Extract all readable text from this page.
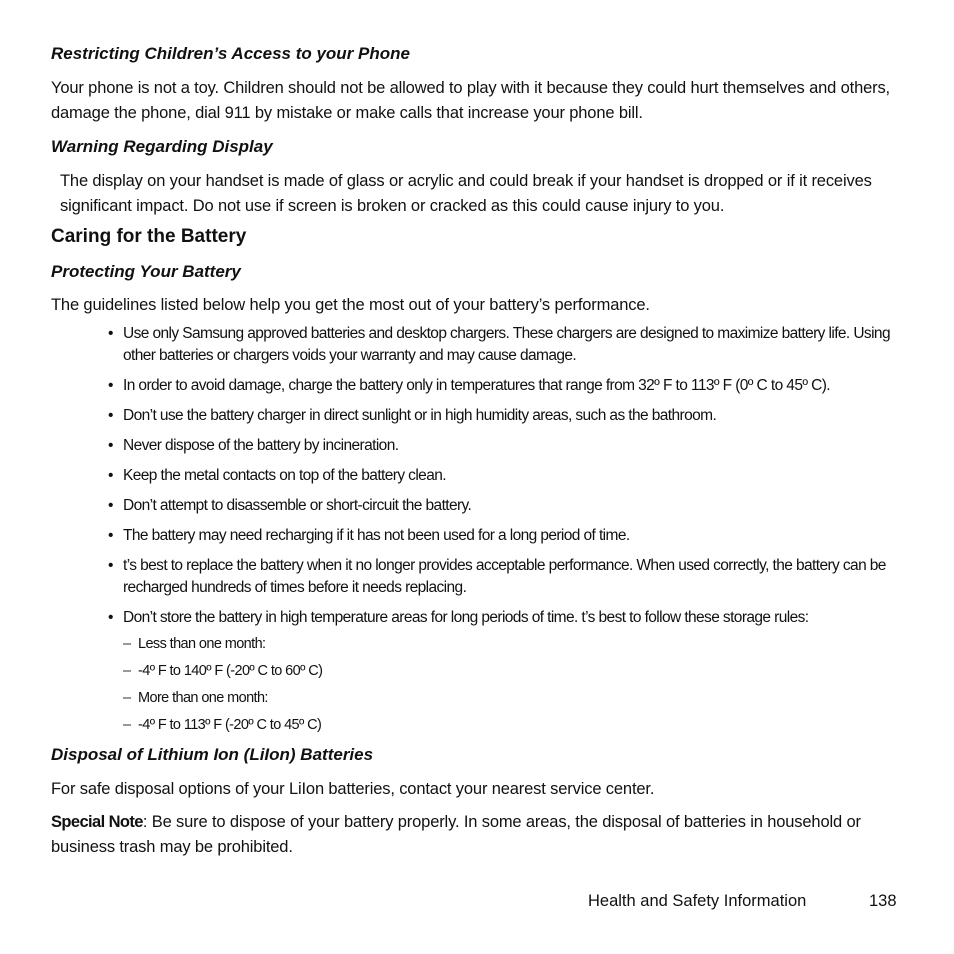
Restricting Children’s Access to your Phone

Your phone is not a toy. Children should not be allowed to play with it because they could hurt themselves and others, damage the phone, dial 911 by mistake or make calls that increase your phone bill.

Warning Regarding Display

The display on your handset is made of glass or acrylic and could break if your handset is dropped or if it receives significant impact. Do not use if screen is broken or cracked as this could cause injury to you.

Caring for the Battery
Protecting Your Battery

The guidelines listed below help you get the most out of your battery’s performance.

• Use only Samsung approved batteries and desktop chargers. These chargers are designed to maximize battery life. Using other batteries or chargers voids your warranty and may cause damage.
• In order to avoid damage, charge the battery only in temperatures that range from 32º F to 113º F (0º C to 45º C).
• Don’t use the battery charger in direct sunlight or in high humidity areas, such as the bathroom.
• Never dispose of the battery by incineration.
• Keep the metal contacts on top of the battery clean.
• Don’t attempt to disassemble or short-circuit the battery.
• The battery may need recharging if it has not been used for a long period of time.
• t’s best to replace the battery when it no longer provides acceptable performance. When used correctly, the battery can be recharged hundreds of times before it needs replacing.
• Don’t store the battery in high temperature areas for long periods of time. t’s best to follow these storage rules:
– Less than one month:
– -4º F to 140º F (-20º C to 60º C)
– More than one month:
– -4º F to 113º F (-20º C to 45º C)
Disposal of Lithium Ion (LiIon) Batteries

For safe disposal options of your LiIon batteries, contact your nearest service center.

Special Note: Be sure to dispose of your battery properly. In some areas, the disposal of batteries in household or business trash may be prohibited.

Health and Safety Information	138
